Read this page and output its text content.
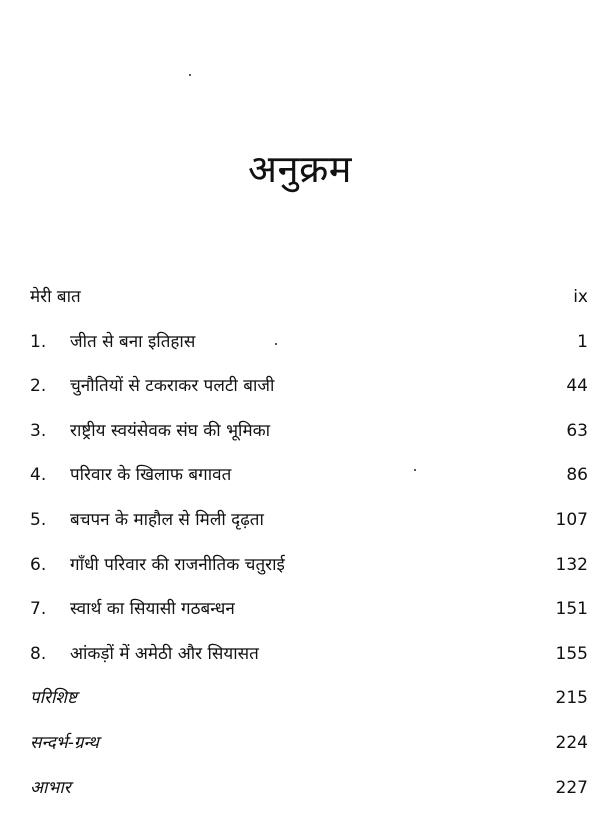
अनुक्रम
मेरी बात	ix
1.	जीत से बना इतिहास	1
2.	चुनौतियों से टकराकर पलटी बाजी	44
3.	राष्ट्रीय स्वयंसेवक संघ की भूमिका	63
4.	परिवार के खिलाफ बगावत	86
5.	बचपन के माहौल से मिली दृढ़ता	107
6.	गाँधी परिवार की राजनीतिक चतुराई	132
7.	स्वार्थ का सियासी गठबन्धन	151
8.	आंकड़ों में अमेठी और सियासत	155
परिशिष्ट	215
सन्दर्भ-ग्रन्थ	224
आभार	227
